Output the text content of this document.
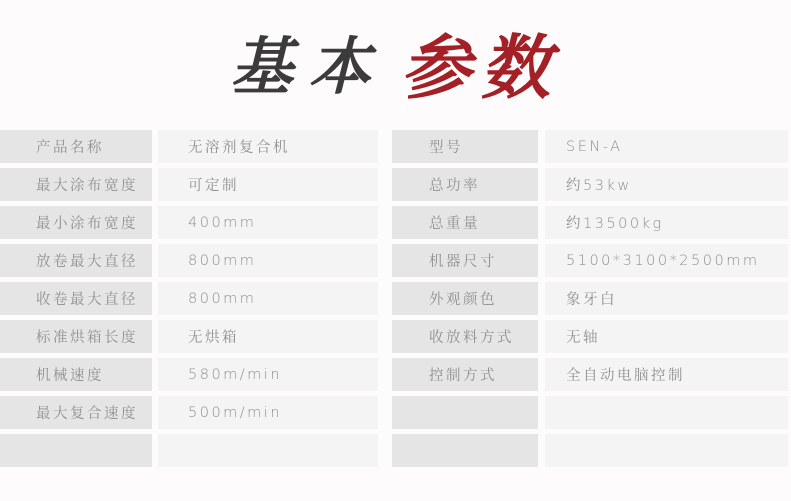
基本 参数
产品名称	无溶剂复合机	型号	SEN-A
最大涂布宽度	可定制	总功率	约53kw
最小涂布宽度	400mm	总重量	约13500kg
放卷最大直径	800mm	机器尺寸	5100*3100*2500mm
收卷最大直径	800mm	外观颜色	象牙白
标准烘箱长度	无烘箱	收放料方式	无轴
机械速度	580m/min	控制方式	全自动电脑控制
最大复合速度	500m/min
